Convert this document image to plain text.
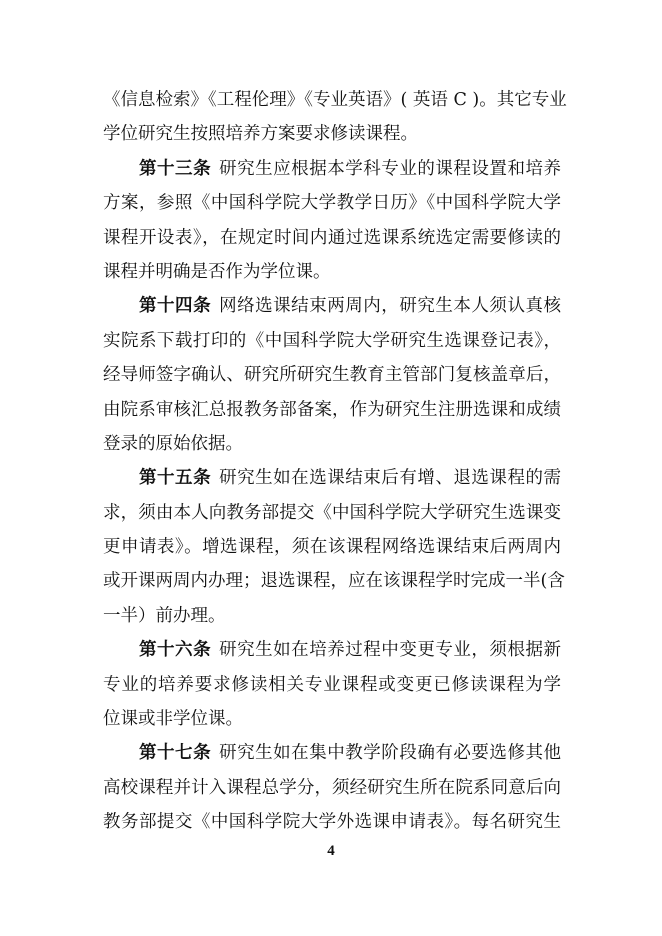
《信息检索》《工程伦理》《专业英语》( 英语 C )。其它专业
学位研究生按照培养方案要求修读课程。
第十三条 研究生应根据本学科专业的课程设置和培养
方案，参照《中国科学院大学教学日历》《中国科学院大学
课程开设表》，在规定时间内通过选课系统选定需要修读的
课程并明确是否作为学位课。
第十四条 网络选课结束两周内，研究生本人须认真核
实院系下载打印的《中国科学院大学研究生选课登记表》，
经导师签字确认、研究所研究生教育主管部门复核盖章后，
由院系审核汇总报教务部备案，作为研究生注册选课和成绩
登录的原始依据。
第十五条 研究生如在选课结束后有增、退选课程的需
求，须由本人向教务部提交《中国科学院大学研究生选课变
更申请表》。增选课程，须在该课程网络选课结束后两周内
或开课两周内办理；退选课程，应在该课程学时完成一半(含
一半）前办理。
第十六条 研究生如在培养过程中变更专业，须根据新
专业的培养要求修读相关专业课程或变更已修读课程为学
位课或非学位课。
第十七条 研究生如在集中教学阶段确有必要选修其他
高校课程并计入课程总学分，须经研究生所在院系同意后向
教务部提交《中国科学院大学外选课申请表》。每名研究生
4
